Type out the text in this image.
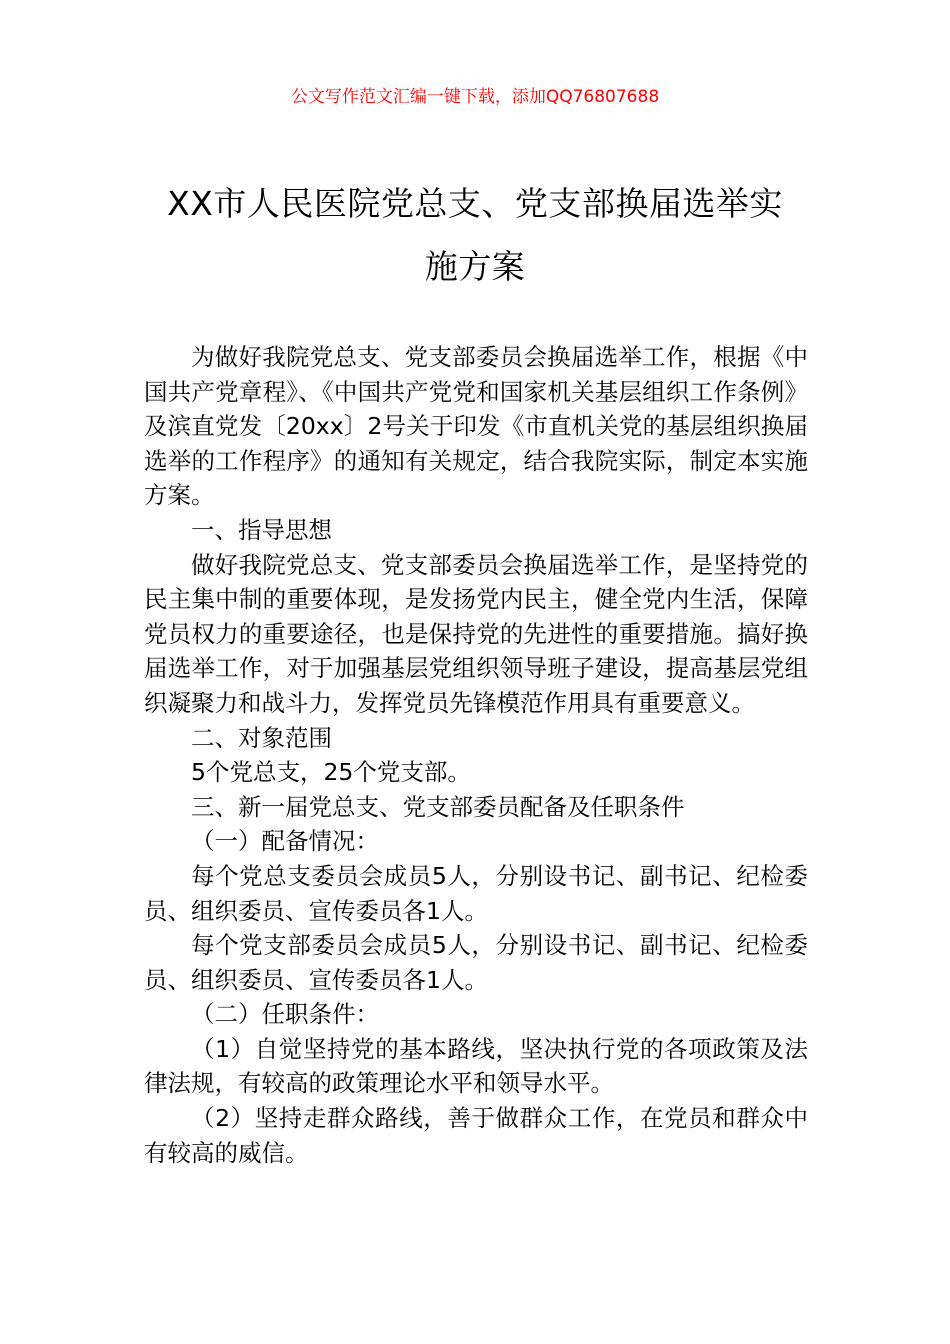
公文写作范文汇编一键下载，添加QQ76807688
XX市人民医院党总支、党支部换届选举实
施方案

为做好我院党总支、党支部委员会换届选举工作，根据《中国共产党章程》、《中国共产党党和国家机关基层组织工作条例》及滨直党发〔20xx〕2号关于印发《市直机关党的基层组织换届选举的工作程序》的通知有关规定，结合我院实际，制定本实施方案。

一、指导思想

做好我院党总支、党支部委员会换届选举工作，是坚持党的民主集中制的重要体现，是发扬党内民主，健全党内生活，保障党员权力的重要途径，也是保持党的先进性的重要措施。搞好换届选举工作，对于加强基层党组织领导班子建设，提高基层党组织凝聚力和战斗力，发挥党员先锋模范作用具有重要意义。

二、对象范围

5个党总支，25个党支部。

三、新一届党总支、党支部委员配备及任职条件

（一）配备情况：

每个党总支委员会成员5人，分别设书记、副书记、纪检委员、组织委员、宣传委员各1人。

每个党支部委员会成员5人，分别设书记、副书记、纪检委员、组织委员、宣传委员各1人。

（二）任职条件：

（1）自觉坚持党的基本路线，坚决执行党的各项政策及法律法规，有较高的政策理论水平和领导水平。

（2）坚持走群众路线，善于做群众工作，在党员和群众中有较高的威信。
